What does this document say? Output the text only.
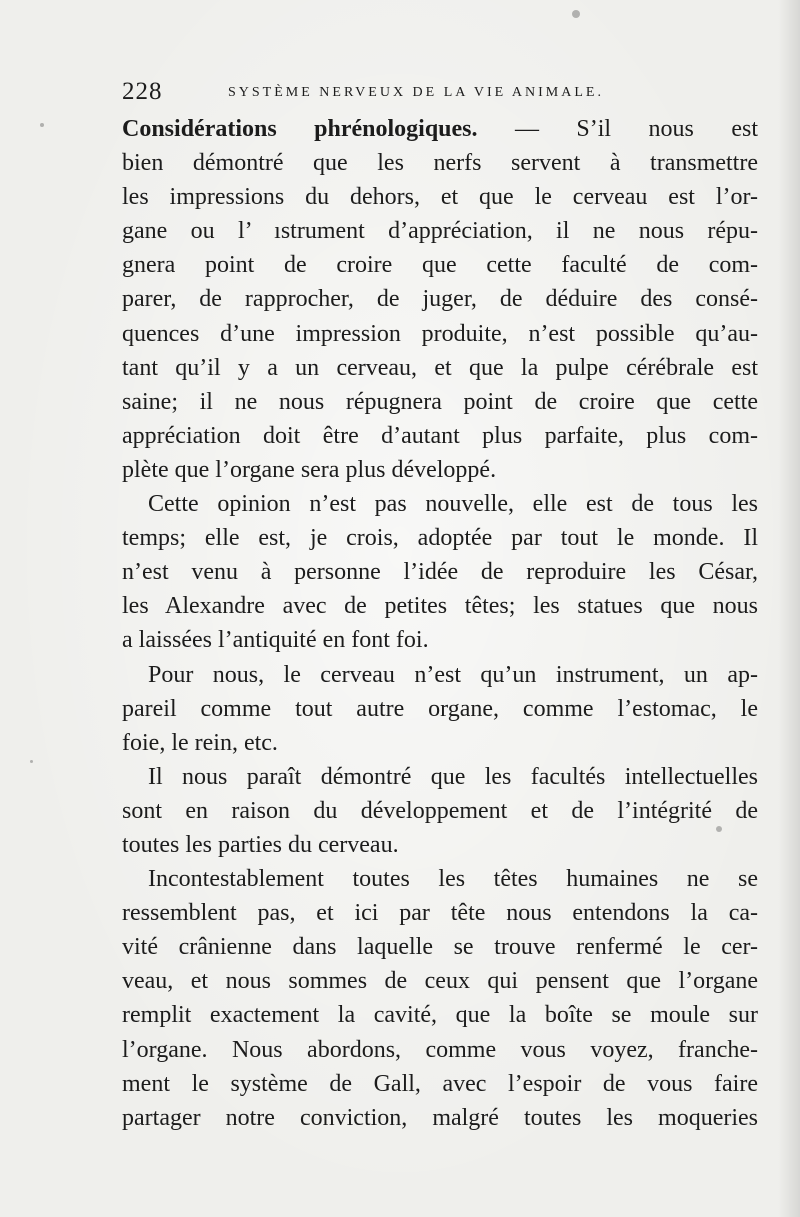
228	SYSTÈME NERVEUX DE LA VIE ANIMALE.
Considérations phrénologiques. — S’il nous est
bien démontré que les nerfs servent à transmettre
les impressions du dehors, et que le cerveau est l’or-
gane ou l’ ıstrument d’appréciation, il ne nous répu-
gnera point de croire que cette faculté de com-
parer, de rapprocher, de juger, de déduire des consé-
quences d’une impression produite, n’est possible qu’au-
tant qu’il y a un cerveau, et que la pulpe cérébrale est
saine; il ne nous répugnera point de croire que cette
appréciation doit être d’autant plus parfaite, plus com-
plète que l’organe sera plus développé.
Cette opinion n’est pas nouvelle, elle est de tous les
temps; elle est, je crois, adoptée par tout le monde. Il
n’est venu à personne l’idée de reproduire les César,
les Alexandre avec de petites têtes; les statues que nous
a laissées l’antiquité en font foi.
Pour nous, le cerveau n’est qu’un instrument, un ap-
pareil comme tout autre organe, comme l’estomac, le
foie, le rein, etc.
Il nous paraît démontré que les facultés intellectuelles
sont en raison du développement et de l’intégrité de
toutes les parties du cerveau.
Incontestablement toutes les têtes humaines ne se
ressemblent pas, et ici par tête nous entendons la ca-
vité crânienne dans laquelle se trouve renfermé le cer-
veau, et nous sommes de ceux qui pensent que l’organe
remplit exactement la cavité, que la boîte se moule sur
l’organe. Nous abordons, comme vous voyez, franche-
ment le système de Gall, avec l’espoir de vous faire
partager notre conviction, malgré toutes les moqueries
